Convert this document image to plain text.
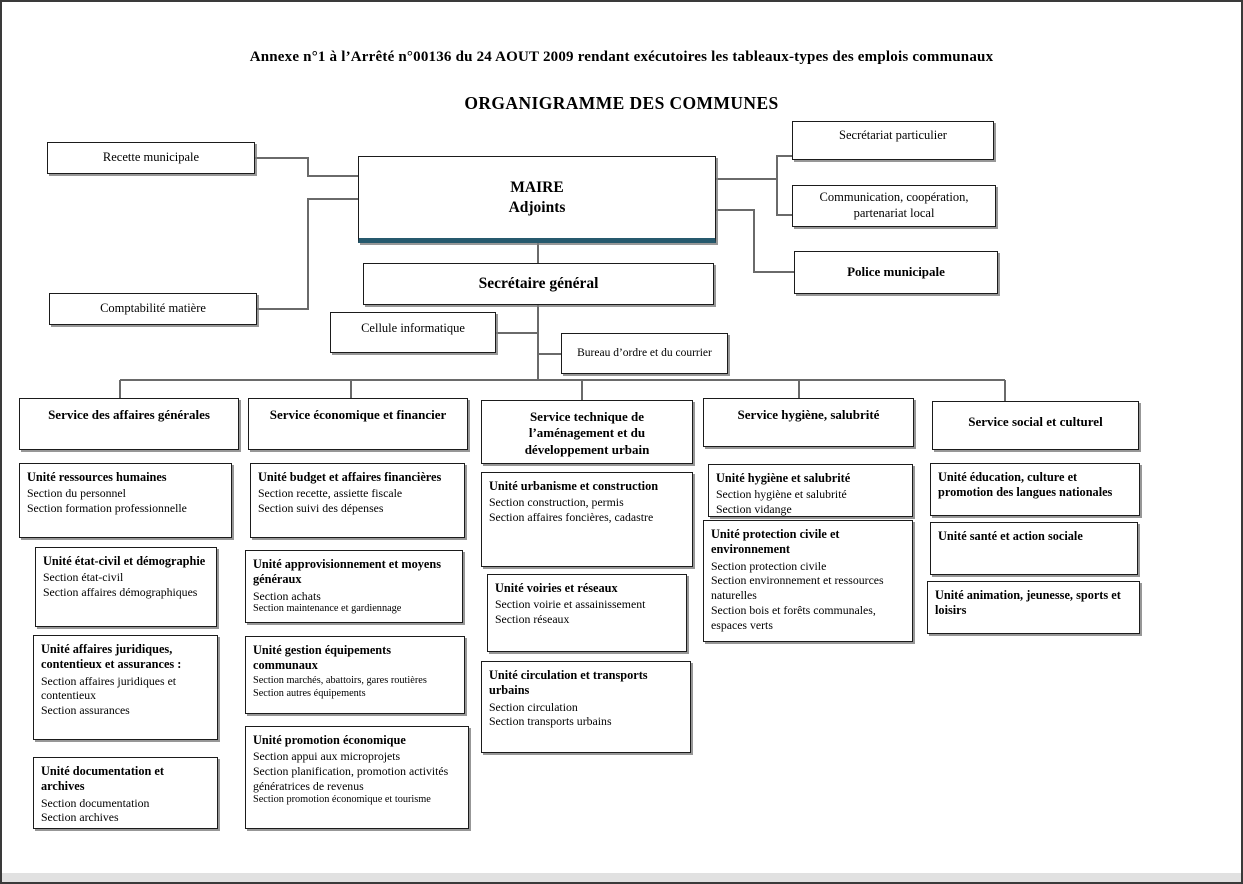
Annexe n°1 à l’Arrêté n°00136 du 24 AOUT 2009 rendant exécutoires les tableaux-types des emplois communaux
ORGANIGRAMME DES COMMUNES
Recette municipale
MAIRE
Adjoints
Secrétariat particulier
Communication, coopération,
partenariat local
Police municipale
Comptabilité matière
Secrétaire général
Cellule informatique
Bureau d’ordre et du courrier
Service des affaires générales	Service économique et financier	Service technique de l’aménagement et du développement urbain
Service hygiène, salubrité	Service social et culturel
Unité ressources humaines
Section du personnel
Section formation professionnelle
Unité état-civil et démographie
Section état-civil
Section affaires démographiques
Unité affaires juridiques, contentieux et assurances :
Section affaires juridiques et contentieux
Section assurances
Unité documentation et archives
Section documentation
Section archives
Unité budget et affaires financières
Section recette, assiette fiscale
Section suivi des dépenses
Unité approvisionnement et moyens généraux
Section achats
Section maintenance et gardiennage
Unité gestion équipements communaux
Section marchés, abattoirs, gares routières
Section autres équipements
Unité promotion économique
Section appui aux microprojets
Section planification, promotion activités génératrices de revenus
Section promotion économique et tourisme
Unité urbanisme et construction
Section construction, permis
Section affaires foncières, cadastre
Unité voiries et réseaux
Section voirie et assainissement
Section réseaux
Unité circulation et transports urbains
Section circulation
Section transports urbains
Unité hygiène et salubrité
Section hygiène et salubrité
Section vidange
Unité protection civile et environnement
Section protection civile
Section environnement et ressources naturelles
Section bois et forêts communales, espaces verts
Unité éducation, culture et promotion des langues nationales
Unité santé et action sociale
Unité animation, jeunesse, sports et loisirs
